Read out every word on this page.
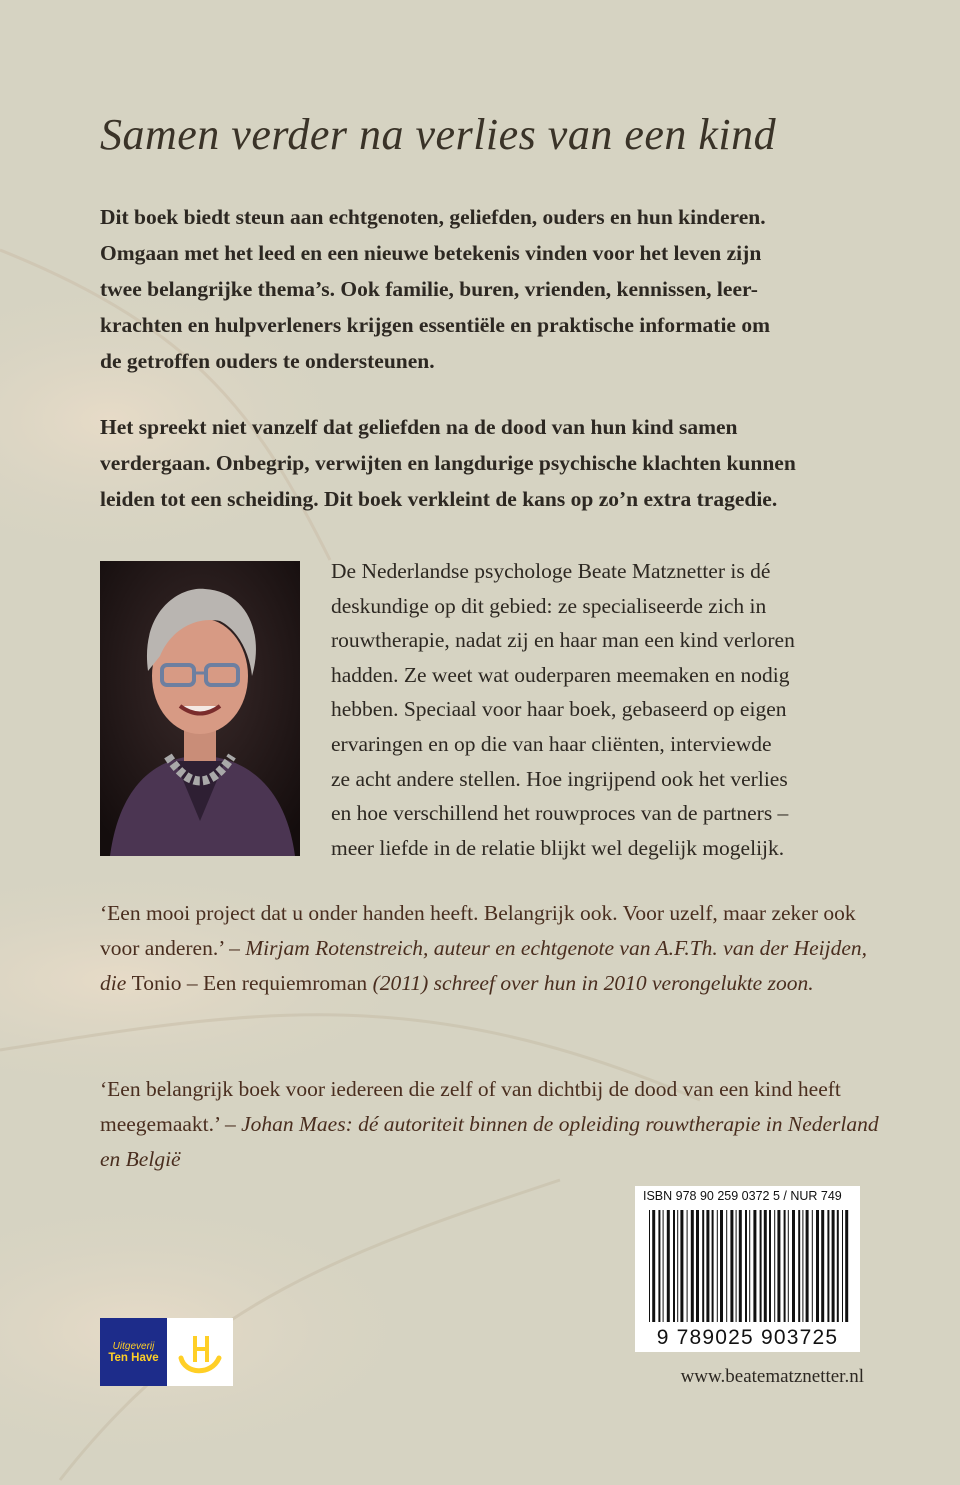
Samen verder na verlies van een kind

Dit boek biedt steun aan echtgenoten, geliefden, ouders en hun kinderen.
Omgaan met het leed en een nieuwe betekenis vinden voor het leven zijn
twee belangrijke thema’s. Ook familie, buren, vrienden, kennissen, leer-
krachten en hulpverleners krijgen essentiële en praktische informatie om
de getroffen ouders te ondersteunen.

Het spreekt niet vanzelf dat geliefden na de dood van hun kind samen
verdergaan. Onbegrip, verwijten en langdurige psychische klachten kunnen
leiden tot een scheiding. Dit boek verkleint de kans op zo’n extra tragedie.

De Nederlandse psychologe Beate Matznetter is dé
deskundige op dit gebied: ze specialiseerde zich in
rouwtherapie, nadat zij en haar man een kind verloren
hadden. Ze weet wat ouderparen meemaken en nodig
hebben. Speciaal voor haar boek, gebaseerd op eigen
ervaringen en op die van haar cliënten, interviewde
ze acht andere stellen. Hoe ingrijpend ook het verlies
en hoe verschillend het rouwproces van de partners –
meer liefde in de relatie blijkt wel degelijk mogelijk.

‘Een mooi project dat u onder handen heeft. Belangrijk ook. Voor uzelf, maar zeker ook voor anderen.’ – Mirjam Rotenstreich, auteur en echtgenote van A.F.Th. van der Heijden, die Tonio – Een requiemroman (2011) schreef over hun in 2010 verongelukte zoon.

‘Een belangrijk boek voor iedereen die zelf of van dichtbij de dood van een kind heeft meegemaakt.’ – Johan Maes: dé autoriteit binnen de opleiding rouwtherapie in Nederland en België

ISBN 978 90 259 0372 5 / NUR 749
9 789025 903725
Uitgeverij
Ten Have
www.beatematznetter.nl
